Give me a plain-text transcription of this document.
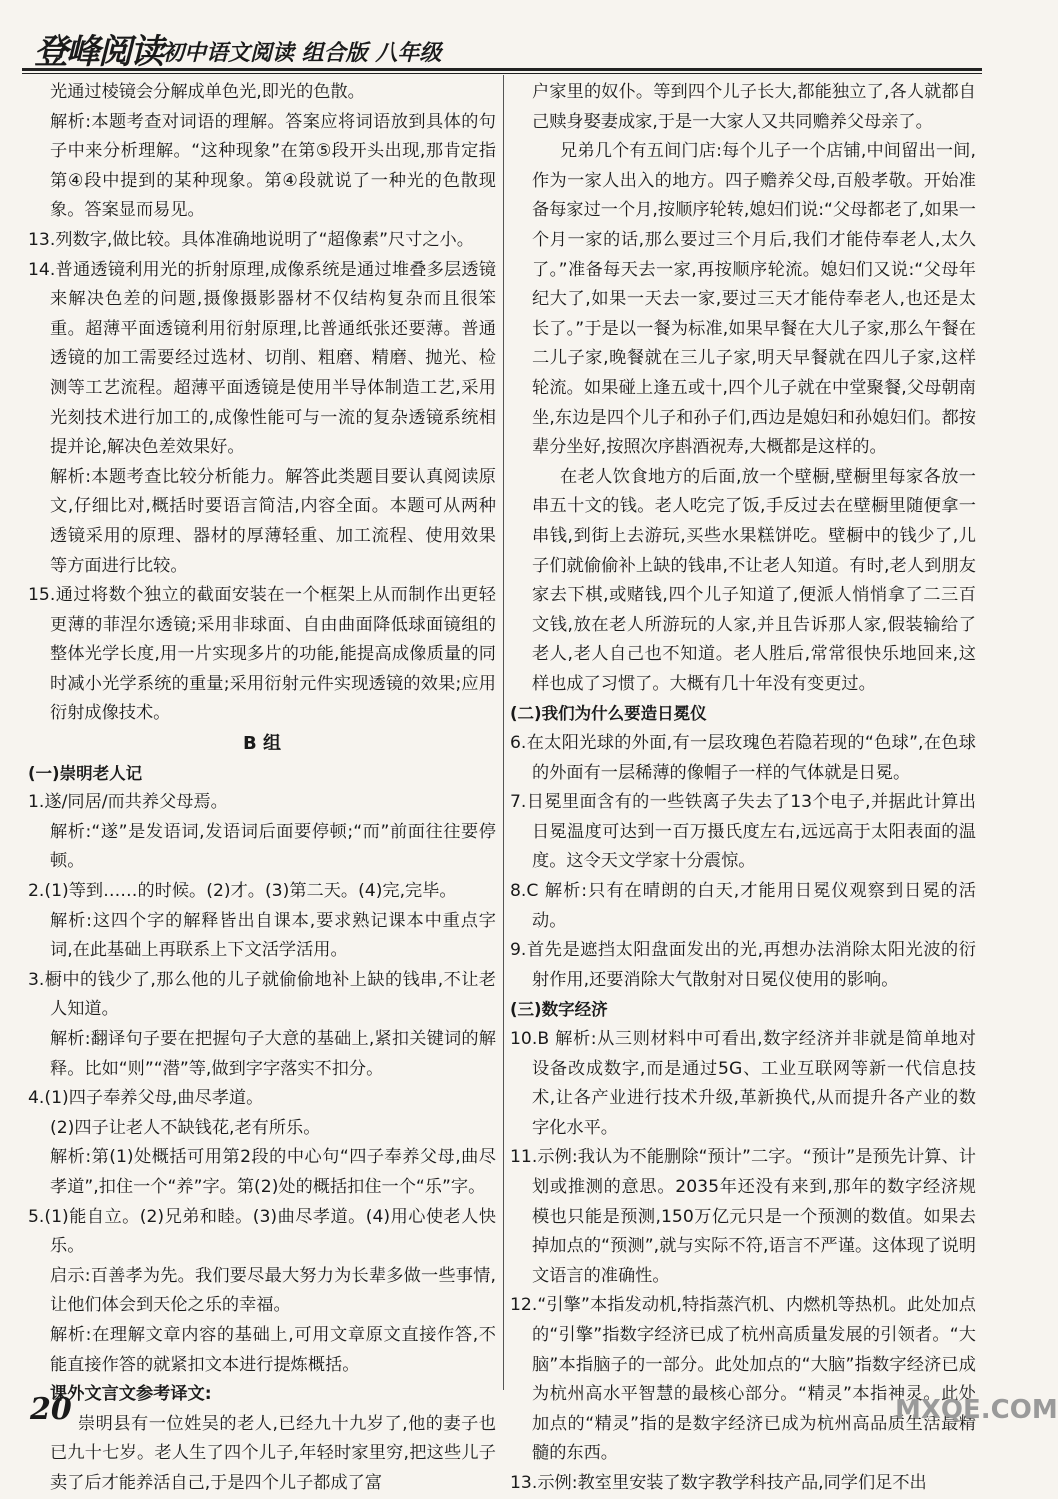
登峰阅读 初中语文阅读 组合版 八年级

光通过棱镜会分解成单色光,即光的色散。

解析:本题考查对词语的理解。答案应将词语放到具体的句子中来分析理解。“这种现象”在第⑤段开头出现,那肯定指第④段中提到的某种现象。第④段就说了一种光的色散现象。答案显而易见。

13.列数字,做比较。具体准确地说明了“超像素”尺寸之小。

14.普通透镜利用光的折射原理,成像系统是通过堆叠多层透镜来解决色差的问题,摄像摄影器材不仅结构复杂而且很笨重。超薄平面透镜利用衍射原理,比普通纸张还要薄。普通透镜的加工需要经过选材、切削、粗磨、精磨、抛光、检测等工艺流程。超薄平面透镜是使用半导体制造工艺,采用光刻技术进行加工的,成像性能可与一流的复杂透镜系统相提并论,解决色差效果好。

解析:本题考查比较分析能力。解答此类题目要认真阅读原文,仔细比对,概括时要语言简洁,内容全面。本题可从两种透镜采用的原理、器材的厚薄轻重、加工流程、使用效果等方面进行比较。

15.通过将数个独立的截面安装在一个框架上从而制作出更轻更薄的菲涅尔透镜;采用非球面、自由曲面降低球面镜组的整体光学长度,用一片实现多片的功能,能提高成像质量的同时减小光学系统的重量;采用衍射元件实现透镜的效果;应用衍射成像技术。

B 组

(一)崇明老人记

1.遂/同居/而共养父母焉。

解析:“遂”是发语词,发语词后面要停顿;“而”前面往往要停顿。

2.(1)等到……的时候。(2)才。(3)第二天。(4)完,完毕。

解析:这四个字的解释皆出自课本,要求熟记课本中重点字词,在此基础上再联系上下文活学活用。

3.橱中的钱少了,那么他的儿子就偷偷地补上缺的钱串,不让老人知道。

解析:翻译句子要在把握句子大意的基础上,紧扣关键词的解释。比如“则”“潜”等,做到字字落实不扣分。

4.(1)四子奉养父母,曲尽孝道。

(2)四子让老人不缺钱花,老有所乐。

解析:第(1)处概括可用第2段的中心句“四子奉养父母,曲尽孝道”,扣住一个“养”字。第(2)处的概括扣住一个“乐”字。

5.(1)能自立。(2)兄弟和睦。(3)曲尽孝道。(4)用心使老人快乐。

启示:百善孝为先。我们要尽最大努力为长辈多做一些事情,让他们体会到天伦之乐的幸福。

解析:在理解文章内容的基础上,可用文章原文直接作答,不能直接作答的就紧扣文本进行提炼概括。

课外文言文参考译文:

崇明县有一位姓吴的老人,已经九十九岁了,他的妻子也已九十七岁。老人生了四个儿子,年轻时家里穷,把这些儿子卖了后才能养活自己,于是四个儿子都成了富

户家里的奴仆。等到四个儿子长大,都能独立了,各人就都自己赎身娶妻成家,于是一大家人又共同赡养父母亲了。

兄弟几个有五间门店:每个儿子一个店铺,中间留出一间,作为一家人出入的地方。四子赡养父母,百般孝敬。开始准备每家过一个月,按顺序轮转,媳妇们说:“父母都老了,如果一个月一家的话,那么要过三个月后,我们才能侍奉老人,太久了。”准备每天去一家,再按顺序轮流。媳妇们又说:“父母年纪大了,如果一天去一家,要过三天才能侍奉老人,也还是太长了。”于是以一餐为标准,如果早餐在大儿子家,那么午餐在二儿子家,晚餐就在三儿子家,明天早餐就在四儿子家,这样轮流。如果碰上逢五或十,四个儿子就在中堂聚餐,父母朝南坐,东边是四个儿子和孙子们,西边是媳妇和孙媳妇们。都按辈分坐好,按照次序斟酒祝寿,大概都是这样的。

在老人饮食地方的后面,放一个壁橱,壁橱里每家各放一串五十文的钱。老人吃完了饭,手反过去在壁橱里随便拿一串钱,到街上去游玩,买些水果糕饼吃。壁橱中的钱少了,儿子们就偷偷补上缺的钱串,不让老人知道。有时,老人到朋友家去下棋,或赌钱,四个儿子知道了,便派人悄悄拿了二三百文钱,放在老人所游玩的人家,并且告诉那人家,假装输给了老人,老人自己也不知道。老人胜后,常常很快乐地回来,这样也成了习惯了。大概有几十年没有变更过。

(二)我们为什么要造日冕仪

6.在太阳光球的外面,有一层玫瑰色若隐若现的“色球”,在色球的外面有一层稀薄的像帽子一样的气体就是日冕。

7.日冕里面含有的一些铁离子失去了13个电子,并据此计算出日冕温度可达到一百万摄氏度左右,远远高于太阳表面的温度。这令天文学家十分震惊。

8.C 解析:只有在晴朗的白天,才能用日冕仪观察到日冕的活动。

9.首先是遮挡太阳盘面发出的光,再想办法消除太阳光波的衍射作用,还要消除大气散射对日冕仪使用的影响。

(三)数字经济

10.B 解析:从三则材料中可看出,数字经济并非就是简单地对设备改成数字,而是通过5G、工业互联网等新一代信息技术,让各产业进行技术升级,革新换代,从而提升各产业的数字化水平。

11.示例:我认为不能删除“预计”二字。“预计”是预先计算、计划或推测的意思。2035年还没有来到,那年的数字经济规模也只能是预测,150万亿元只是一个预测的数值。如果去掉加点的“预测”,就与实际不符,语言不严谨。这体现了说明文语言的准确性。

12.“引擎”本指发动机,特指蒸汽机、内燃机等热机。此处加点的“引擎”指数字经济已成了杭州高质量发展的引领者。“大脑”本指脑子的一部分。此处加点的“大脑”指数字经济已成为杭州高水平智慧的最核心部分。“精灵”本指神灵。此处加点的“精灵”指的是数字经济已成为杭州高品质生活最精髓的东西。

13.示例:教室里安装了数字教学科技产品,同学们足不出

20	MXQE.COM
